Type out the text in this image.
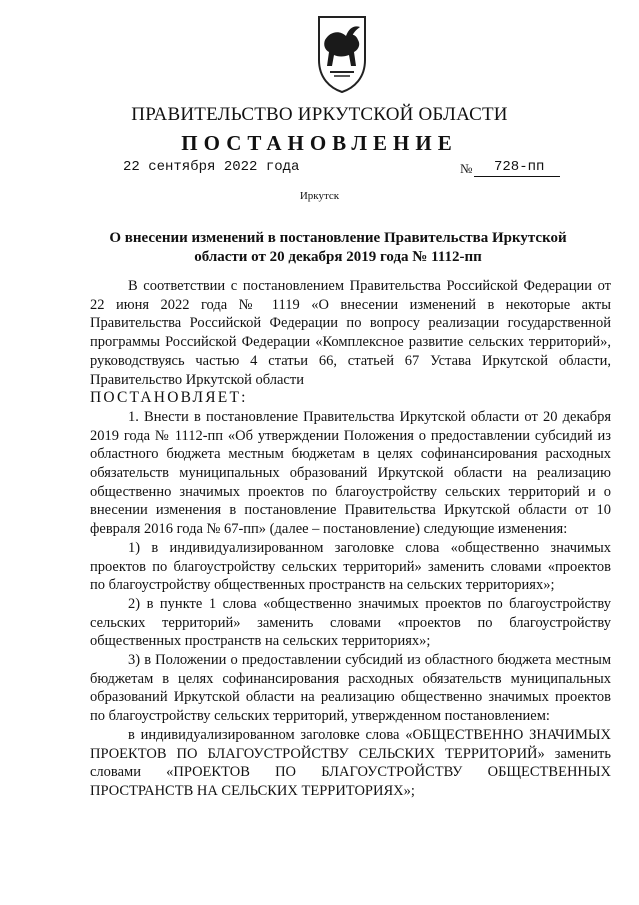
ПРАВИТЕЛЬСТВО ИРКУТСКОЙ ОБЛАСТИ
ПОСТАНОВЛЕНИЕ
22 сентября 2022 года	№	728-пп
Иркутск
О внесении изменений в постановление Правительства Иркутской области от 20 декабря 2019 года № 1112-пп

В соответствии с постановлением Правительства Российской Федерации от 22 июня 2022 года № 1119 «О внесении изменений в некоторые акты Правительства Российской Федерации по вопросу реализации государственной программы Российской Федерации «Комплексное развитие сельских территорий», руководствуясь частью 4 статьи 66, статьей 67 Устава Иркутской области, Правительство Иркутской области

ПОСТАНОВЛЯЕТ:

1. Внести в постановление Правительства Иркутской области от 20 декабря 2019 года № 1112-пп «Об утверждении Положения о предоставлении субсидий из областного бюджета местным бюджетам в целях софинансирования расходных обязательств муниципальных образований Иркутской области на реализацию общественно значимых проектов по благоустройству сельских территорий и о внесении изменения в постановление Правительства Иркутской области от 10 февраля 2016 года № 67-пп» (далее – постановление) следующие изменения:

1) в индивидуализированном заголовке слова «общественно значимых проектов по благоустройству сельских территорий» заменить словами «проектов по благоустройству общественных пространств на сельских территориях»;

2) в пункте 1 слова «общественно значимых проектов по благоустройству сельских территорий» заменить словами «проектов по благоустройству общественных пространств на сельских территориях»;

3) в Положении о предоставлении субсидий из областного бюджета местным бюджетам в целях софинансирования расходных обязательств муниципальных образований Иркутской области на реализацию общественно значимых проектов по благоустройству сельских территорий, утвержденном постановлением:

в индивидуализированном заголовке слова «ОБЩЕСТВЕННО ЗНАЧИМЫХ ПРОЕКТОВ ПО БЛАГОУСТРОЙСТВУ СЕЛЬСКИХ ТЕРРИТОРИЙ» заменить словами «ПРОЕКТОВ ПО БЛАГОУСТРОЙСТВУ ОБЩЕСТВЕННЫХ ПРОСТРАНСТВ НА СЕЛЬСКИХ ТЕРРИТОРИЯХ»;
